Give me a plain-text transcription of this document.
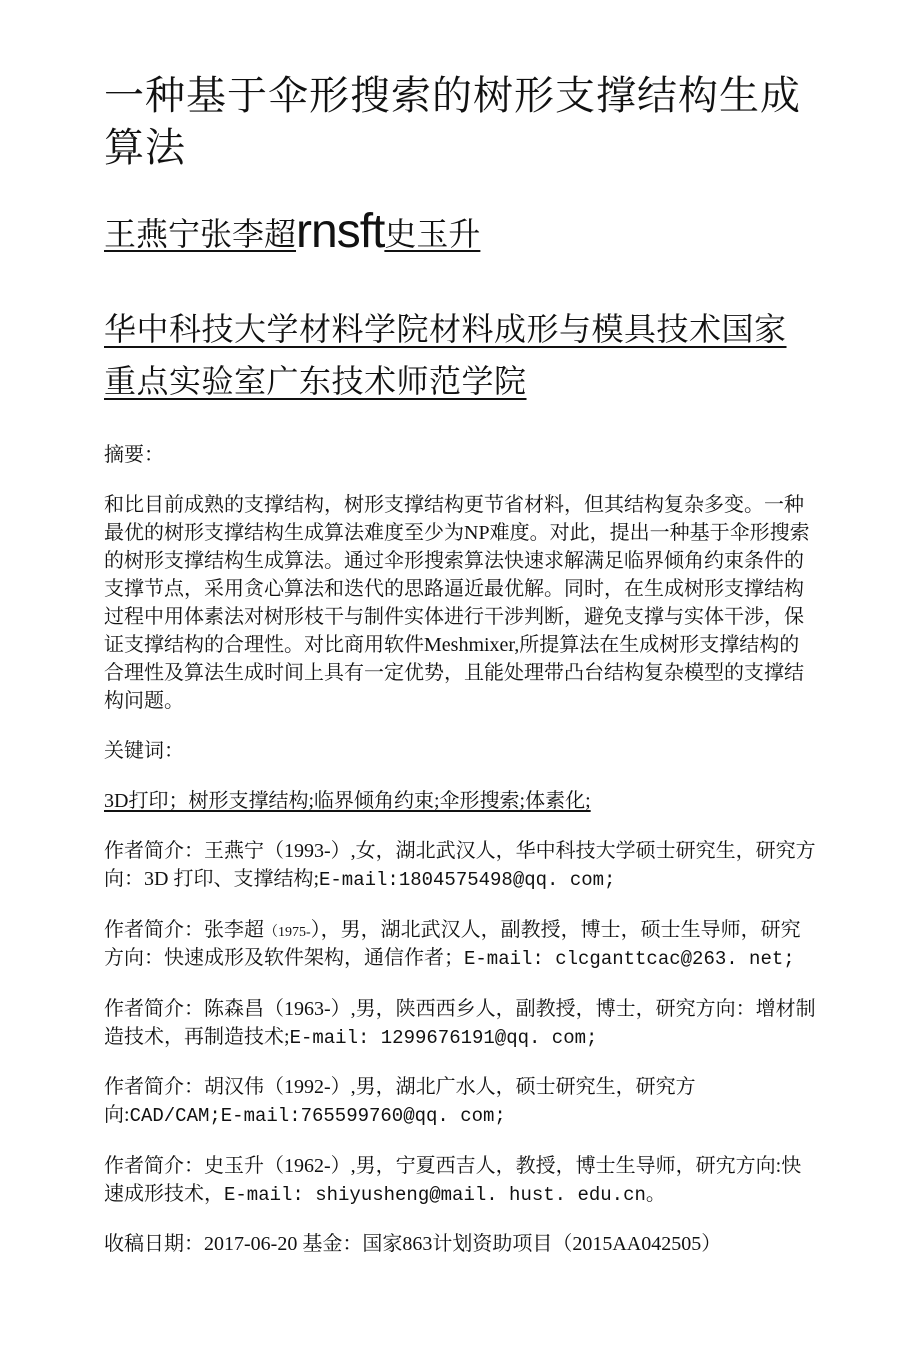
一种基于伞形搜索的树形支撑结构生成算法
王燕宁张李超rnsft史玉升
华中科技大学材料学院材料成形与模具技术国家重点实验室广东技术师范学院

摘要：

和比目前成熟的支撑结构，树形支撑结构更节省材料，但其结构复杂多变。一种最优的树形支撑结构生成算法难度至少为NP难度。对此，提出一种基于伞形搜索的树形支撑结构生成算法。通过伞形搜索算法快速求解满足临界倾角约束条件的支撑节点，采用贪心算法和迭代的思路逼近最优解。同时，在生成树形支撑结构过程中用体素法对树形枝干与制件实体进行干涉判断，避免支撑与实体干涉，保证支撑结构的合理性。对比商用软件Meshmixer,所提算法在生成树形支撑结构的合理性及算法生成时间上具有一定优势，且能处理带凸台结构复杂模型的支撑结构问题。

关键词：

3D打印；树形支撑结构;临界倾角约束;伞形搜索;体素化;

作者简介：王燕宁（1993-）,女，湖北武汉人，华中科技大学硕士研究生，研究方向：3D 打印、支撑结构;E-mail:1804575498@qq. com;

作者简介：张李超（1975-），男，湖北武汉人，副教授，博士，硕士生导师，研究方向：快速成形及软件架构，通信作者；E-mail: clcganttcac@263. net;

作者简介：陈森昌（1963-）,男，陕西西乡人，副教授，博士，研究方向：增材制造技术，再制造技术;E-mail: 1299676191@qq. com;

作者简介：胡汉伟（1992-）,男，湖北广水人，硕士研究生，研究方向:CAD/CAM;E-mail:765599760@qq. com;

作者简介：史玉升（1962-）,男，宁夏西吉人，教授，博士生导师，研宄方向:快速成形技术，E-mail: shiyusheng@mail. hust. edu.cn。

收稿日期：2017-06-20 基金：国家863计划资助项目（2015AA042505）
